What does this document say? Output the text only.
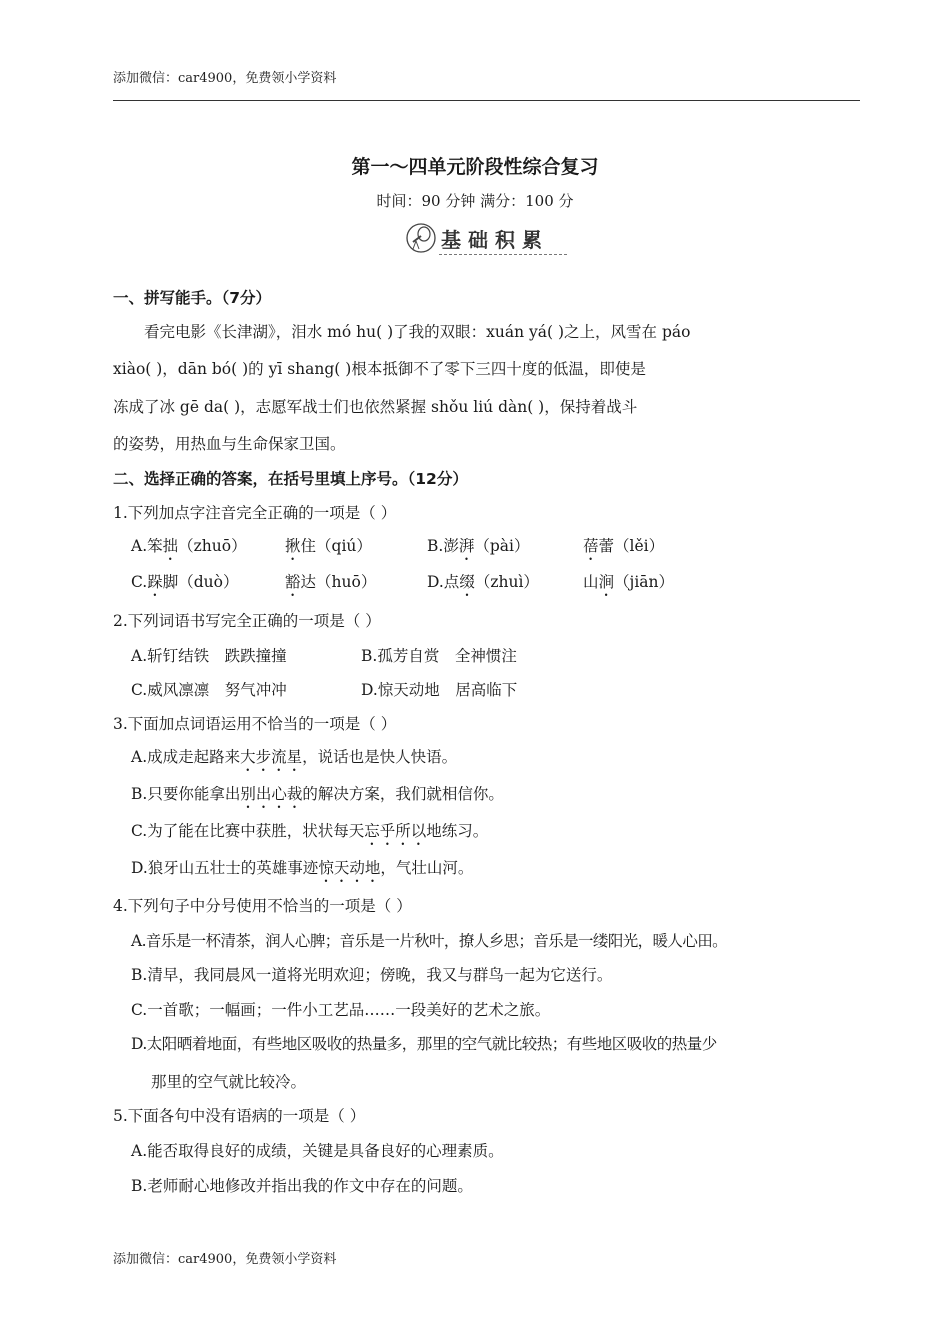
添加微信：car4900，免费领小学资料
第一～四单元阶段性综合复习
时间：90 分钟 满分：100 分
基础积累
一、拼写能手。（7分）
　　看完电影《长津湖》，泪水 mó hu( )了我的双眼：xuán yá( )之上，风雪在 páo
xiào( )，dān bó( )的 yī shang( )根本抵御不了零下三四十度的低温，即使是
冻成了冰 gē da( )，志愿军战士们也依然紧握 shǒu liú dàn( )，保持着战斗
的姿势，用热血与生命保家卫国。
二、选择正确的答案，在括号里填上序号。（12分）
1.下列加点字注音完全正确的一项是（ ）
A.笨拙（zhuō） 揪住（qiú）	B.澎湃（pài）	蓓蕾（lěi）
C.跺脚（duò）	豁达（huō）	D.点缀（zhuì）	山涧（jiān）
2.下列词语书写完全正确的一项是（ ）
A.斩钉结铁　跌跌撞撞	B.孤芳自赏　全神惯注
C.威风凛凛　努气冲冲	D.惊天动地　居高临下
3.下面加点词语运用不恰当的一项是（ ）
A.成成走起路来大步流星，说话也是快人快语。
B.只要你能拿出别出心裁的解决方案，我们就相信你。
C.为了能在比赛中获胜，状状每天忘乎所以地练习。
D.狼牙山五壮士的英雄事迹惊天动地，气壮山河。
4.下列句子中分号使用不恰当的一项是（ ）
A.音乐是一杯清茶，润人心脾；音乐是一片秋叶，撩人乡思；音乐是一缕阳光，暖人心田。
B.清早，我同晨风一道将光明欢迎；傍晚，我又与群鸟一起为它送行。
C.一首歌；一幅画；一件小工艺品……一段美好的艺术之旅。
D.太阳晒着地面，有些地区吸收的热量多，那里的空气就比较热；有些地区吸收的热量少
那里的空气就比较冷。
5.下面各句中没有语病的一项是（ ）
A.能否取得良好的成绩，关键是具备良好的心理素质。
B.老师耐心地修改并指出我的作文中存在的问题。
添加微信：car4900，免费领小学资料
